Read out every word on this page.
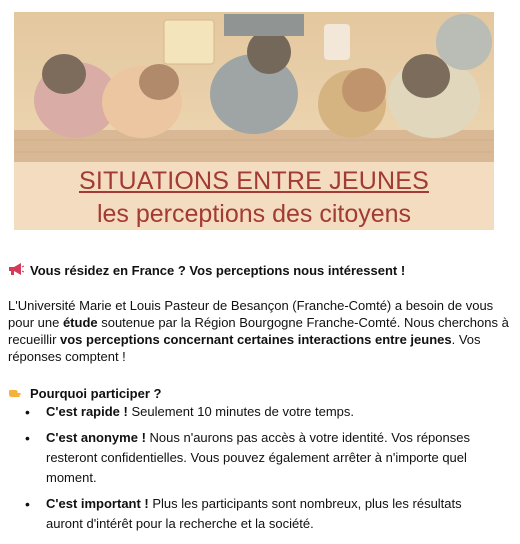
SITUATIONS ENTRE JEUNES
les perceptions des citoyens
Vous résidez en France ? Vos perceptions nous intéressent !
L'Université Marie et Louis Pasteur de Besançon (Franche-Comté) a besoin de vous pour une étude soutenue par la Région Bourgogne Franche-Comté. Nous cherchons à recueillir vos perceptions concernant certaines interactions entre jeunes. Vos réponses comptent !
Pourquoi participer ?
• C'est rapide ! Seulement 10 minutes de votre temps.
• C'est anonyme ! Nous n'aurons pas accès à votre identité. Vos réponses resteront confidentielles. Vous pouvez également arrêter à n'importe quel moment.
• C'est important ! Plus les participants sont nombreux, plus les résultats auront d'intérêt pour la recherche et la société.
